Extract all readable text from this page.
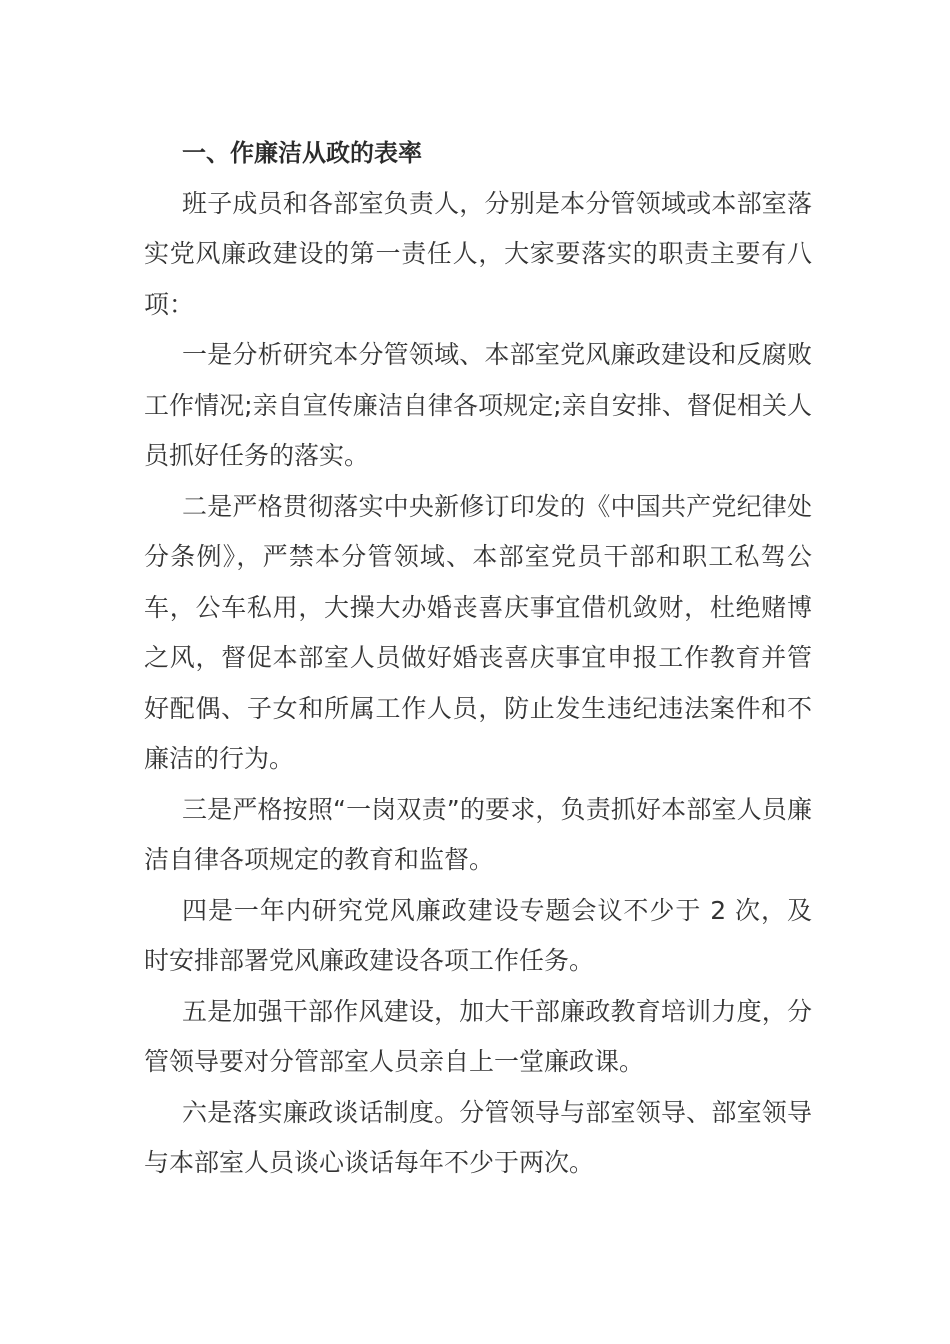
一、作廉洁从政的表率

班子成员和各部室负责人，分别是本分管领域或本部室落实党风廉政建设的第一责任人，大家要落实的职责主要有八项：

一是分析研究本分管领域、本部室党风廉政建设和反腐败工作情况;亲自宣传廉洁自律各项规定;亲自安排、督促相关人员抓好任务的落实。

二是严格贯彻落实中央新修订印发的《中国共产党纪律处分条例》，严禁本分管领域、本部室党员干部和职工私驾公车，公车私用，大操大办婚丧喜庆事宜借机敛财，杜绝赌博之风，督促本部室人员做好婚丧喜庆事宜申报工作教育并管好配偶、子女和所属工作人员，防止发生违纪违法案件和不廉洁的行为。

三是严格按照“一岗双责”的要求，负责抓好本部室人员廉洁自律各项规定的教育和监督。

四是一年内研究党风廉政建设专题会议不少于 2 次，及时安排部署党风廉政建设各项工作任务。

五是加强干部作风建设，加大干部廉政教育培训力度，分管领导要对分管部室人员亲自上一堂廉政课。

六是落实廉政谈话制度。分管领导与部室领导、部室领导与本部室人员谈心谈话每年不少于两次。
